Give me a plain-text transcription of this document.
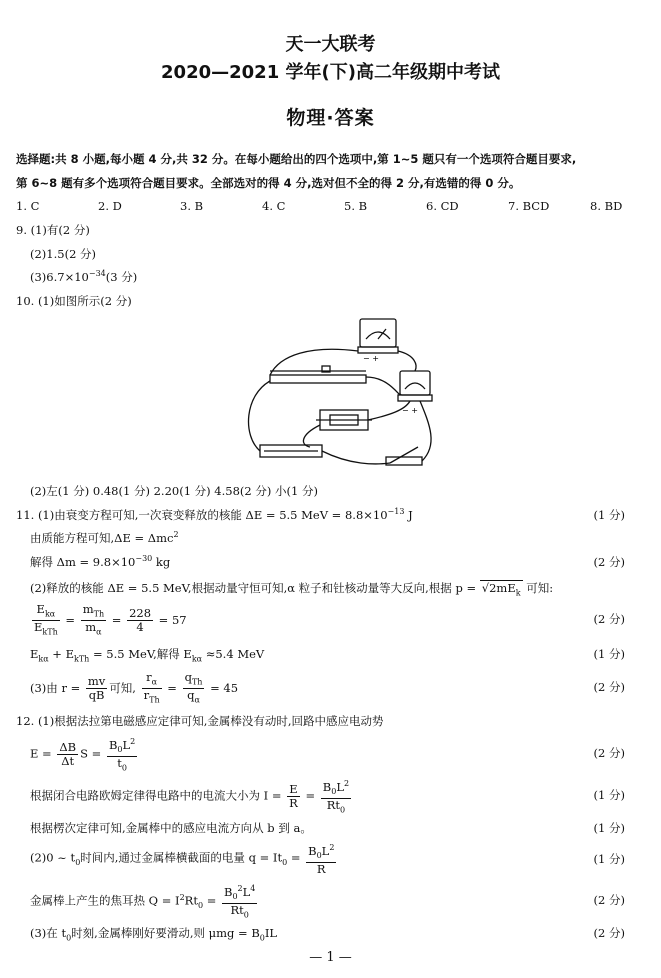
天一大联考
2020—2021 学年(下)高二年级期中考试
物理·答案
选择题:共 8 小题,每小题 4 分,共 32 分。在每小题给出的四个选项中,第 1~5 题只有一个选项符合题目要求,
第 6~8 题有多个选项符合题目要求。全部选对的得 4 分,选对但不全的得 2 分,有选错的得 0 分。
1. C	2. D	3. B	4. C	5. B	6. CD	7. BCD	8. BD
9. (1)有(2 分)
(2)1.5(2 分)
$(3)6.7\times 10^{-34}(3$ 分)
10. (1)如图所示(2 分)
− +
− +
(2)左(1 分) 0.48(1 分) 2.20(1 分) 4.58(2 分) 小(1 分)
11. (1)由衰变方程可知,一次衰变释放的核能 ΔE = 5.5 MeV = $8.8\times 10^{-13}$ J	(1 分)
由质能方程可知,ΔE = Δmc$^2$
解得 $\Delta m = 9.8\times 10^{-30}$ kg	(2 分)
(2)释放的核能 ΔE = 5.5 MeV,根据动量守恒可知,α 粒子和钍核动量等大反向,根据 $p = √2mE_k$ 可知:
$\frac{E_{k\alpha}}{E_{kTh}} = \frac{m_{Th}}{m_\alpha} = \frac{228}{4} = 57$	(2 分)
$E_{k\alpha} + E_{kTh} = 5.5$ MeV,解得 $E_{k\alpha} \approx 5.4$ MeV	(1 分)
(3)由 $r = \frac{mv}{qB}$ 可知, $\frac{r_\alpha}{r_{Th}} = \frac{q_{Th}}{q_\alpha} = 45$	(2 分)
12. (1)根据法拉第电磁感应定律可知,金属棒没有动时,回路中感应电动势
$E = \frac{\Delta B}{\Delta t}$ $S = \frac{B_0L^2}{t_0}$	(2 分)
根据闭合电路欧姆定律得电路中的电流大小为 $I = \frac{E}{R} = \frac{B_0L^2}{Rt_0}$	(1 分)
根据楞次定律可知,金属棒中的感应电流方向从 b 到 a。	(1 分)
(2)0 ~ $t_0$时间内,通过金属棒横截面的电量 $q = It_0 = \frac{B_0L^2}{R}$	(1 分)
金属棒上产生的焦耳热 $Q = I^2Rt_0 = \frac{B_0^2L^4}{Rt_0}$	(2 分)
(3)在 $t_0$时刻,金属棒刚好要滑动,则 $\mu mg = B_0IL$	(2 分)
— 1 —
